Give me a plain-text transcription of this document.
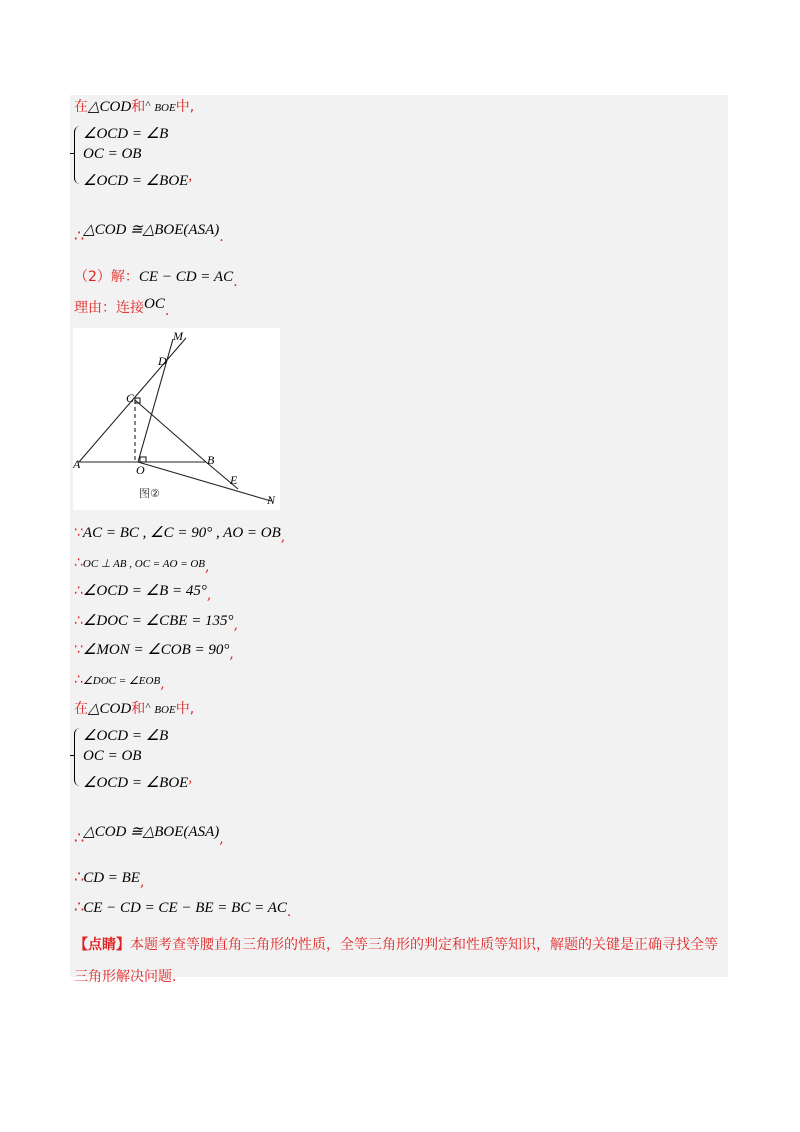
在△COD和^ BOE中,
∠OCD = ∠B
OC = OB
∠OCD = ∠BOE,
∴△COD ≅△BOE(ASA).
（2）解：CE − CD = AC.
理由：连接OC.
M
D
C
A	O
B
E
N
图②
∵AC = BC , ∠C = 90° , AO = OB,
∴OC ⊥ AB , OC = AO = OB,
∴∠OCD = ∠B = 45°,
∴∠DOC = ∠CBE = 135°,
∵∠MON = ∠COB = 90°,
∴∠DOC = ∠EOB,
在△COD和^ BOE中,
∠OCD = ∠B
OC = OB
∠OCD = ∠BOE,
∴△COD ≅△BOE(ASA),
∴CD = BE,
∴CE − CD = CE − BE = BC = AC.
【点睛】本题考查等腰直角三角形的性质，全等三角形的判定和性质等知识，解题的关键是正确寻找全等三角形解决问题.
